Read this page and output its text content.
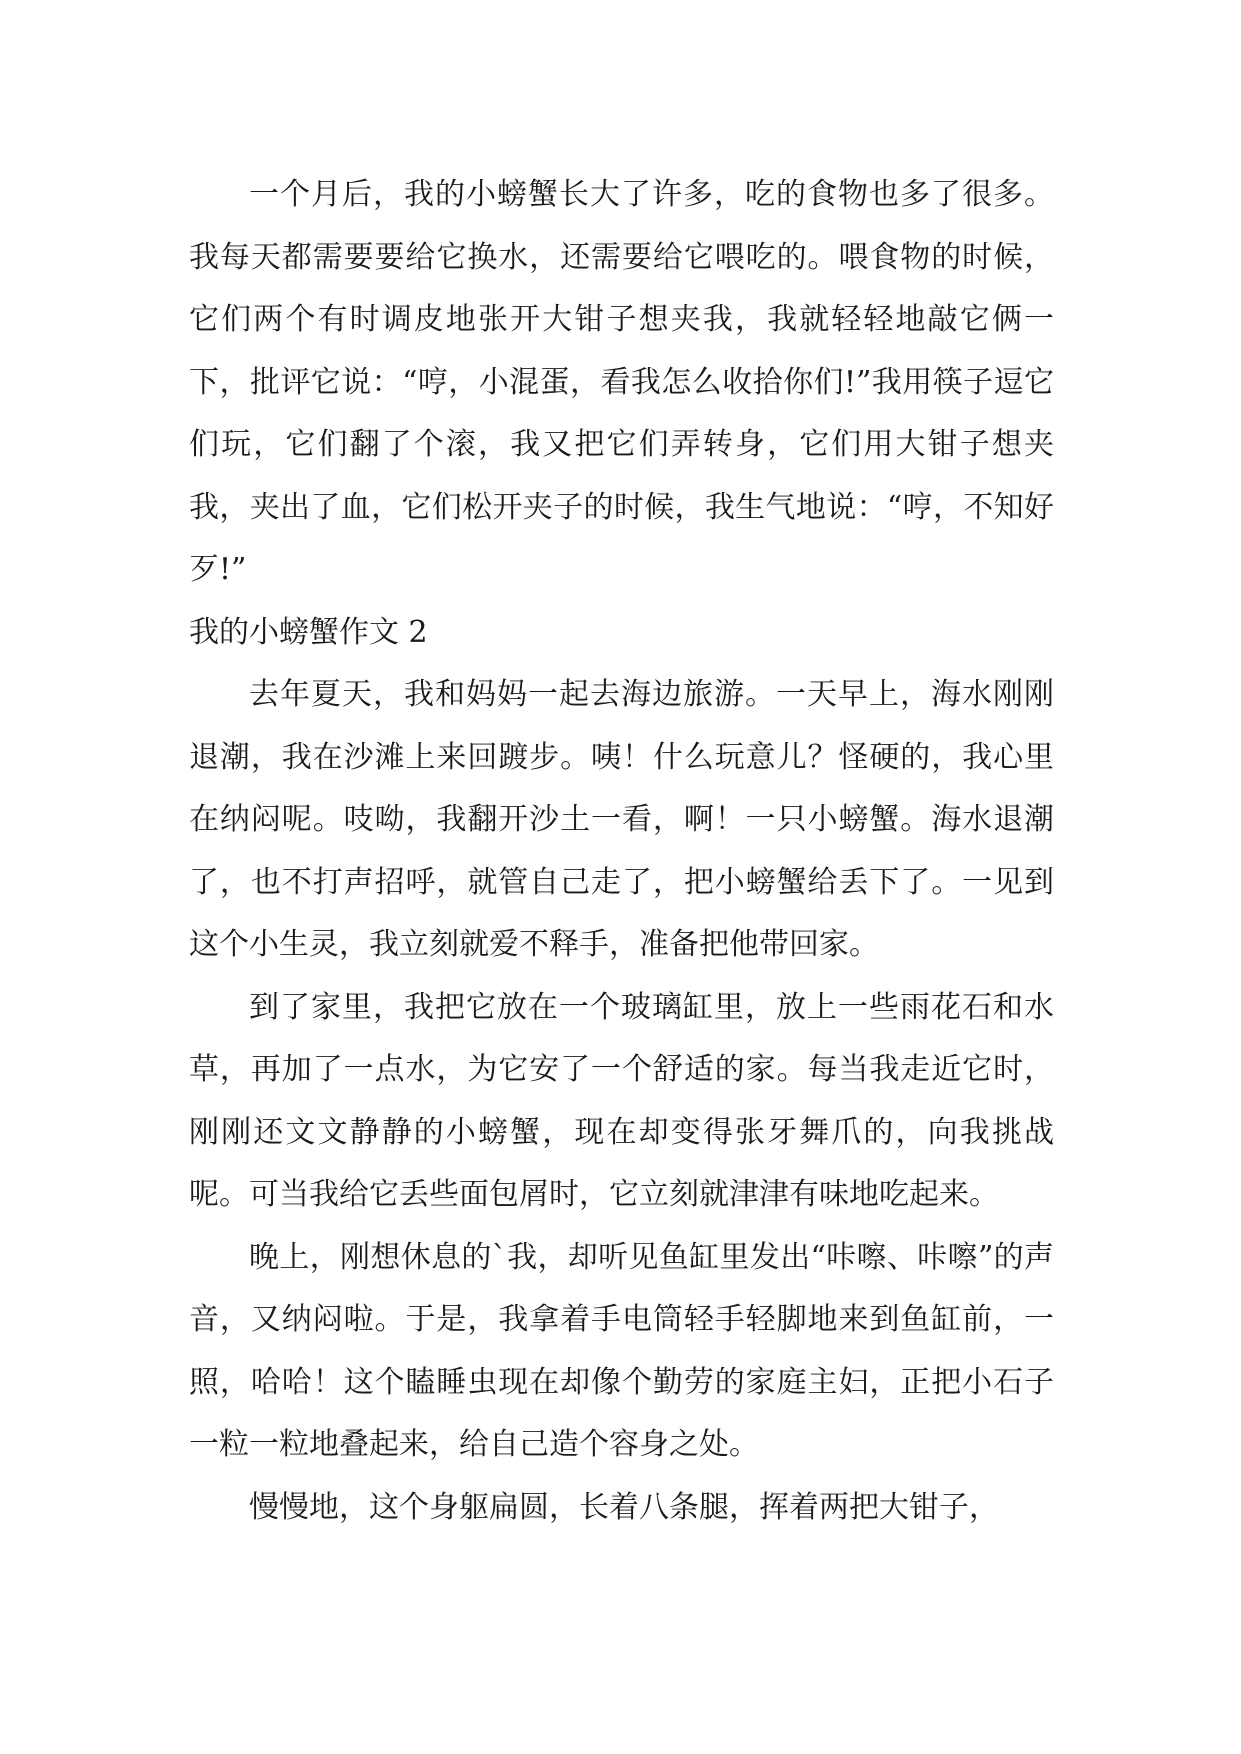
一个月后，我的小螃蟹长大了许多，吃的食物也多了很多。我每天都需要要给它换水，还需要给它喂吃的。喂食物的时候，它们两个有时调皮地张开大钳子想夹我，我就轻轻地敲它俩一下，批评它说：“哼，小混蛋，看我怎么收拾你们!”我用筷子逗它们玩，它们翻了个滚，我又把它们弄转身，它们用大钳子想夹我，夹出了血，它们松开夹子的时候，我生气地说：“哼，不知好歹!”

我的小螃蟹作文 2

去年夏天，我和妈妈一起去海边旅游。一天早上，海水刚刚退潮，我在沙滩上来回踱步。咦！什么玩意儿？怪硬的，我心里在纳闷呢。吱呦，我翻开沙土一看，啊！一只小螃蟹。海水退潮了，也不打声招呼，就管自己走了，把小螃蟹给丢下了。一见到这个小生灵，我立刻就爱不释手，准备把他带回家。

到了家里，我把它放在一个玻璃缸里，放上一些雨花石和水草，再加了一点水，为它安了一个舒适的家。每当我走近它时，刚刚还文文静静的小螃蟹，现在却变得张牙舞爪的，向我挑战呢。可当我给它丢些面包屑时，它立刻就津津有味地吃起来。

晚上，刚想休息的`我，却听见鱼缸里发出“咔嚓、咔嚓”的声音，又纳闷啦。于是，我拿着手电筒轻手轻脚地来到鱼缸前，一照，哈哈！这个瞌睡虫现在却像个勤劳的家庭主妇，正把小石子一粒一粒地叠起来，给自己造个容身之处。

慢慢地，这个身躯扁圆，长着八条腿，挥着两把大钳子，
